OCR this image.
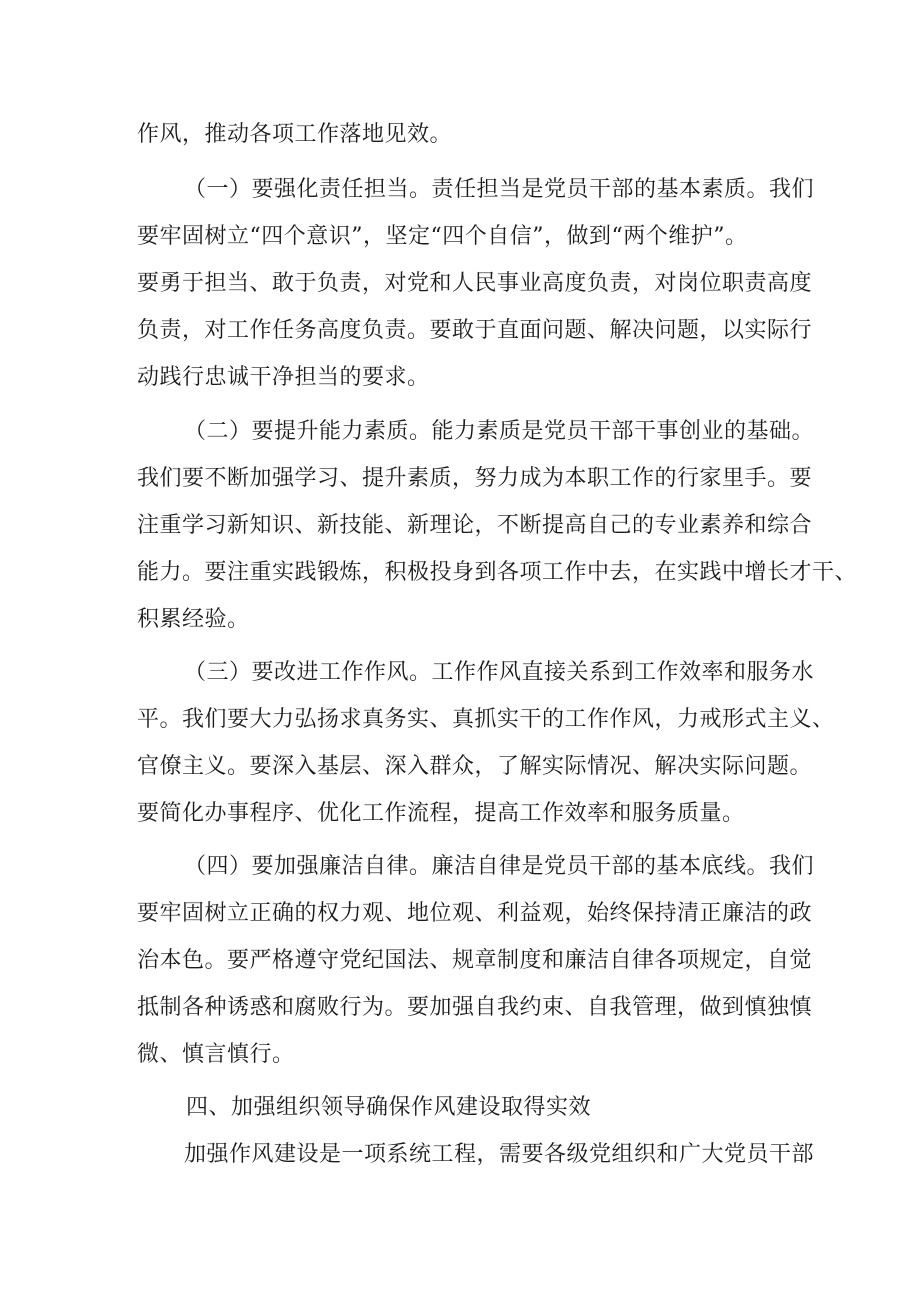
作风，推动各项工作落地见效。
（一）要强化责任担当。责任担当是党员干部的基本素质。我们
要牢固树立“四个意识”，坚定“四个自信”，做到“两个维护”。
要勇于担当、敢于负责，对党和人民事业高度负责，对岗位职责高度
负责，对工作任务高度负责。要敢于直面问题、解决问题，以实际行
动践行忠诚干净担当的要求。
（二）要提升能力素质。能力素质是党员干部干事创业的基础。
我们要不断加强学习、提升素质，努力成为本职工作的行家里手。要
注重学习新知识、新技能、新理论，不断提高自己的专业素养和综合
能力。要注重实践锻炼，积极投身到各项工作中去，在实践中增长才干、
积累经验。
（三）要改进工作作风。工作作风直接关系到工作效率和服务水
平。我们要大力弘扬求真务实、真抓实干的工作作风，力戒形式主义、
官僚主义。要深入基层、深入群众，了解实际情况、解决实际问题。
要简化办事程序、优化工作流程，提高工作效率和服务质量。
（四）要加强廉洁自律。廉洁自律是党员干部的基本底线。我们
要牢固树立正确的权力观、地位观、利益观，始终保持清正廉洁的政
治本色。要严格遵守党纪国法、规章制度和廉洁自律各项规定，自觉
抵制各种诱惑和腐败行为。要加强自我约束、自我管理，做到慎独慎
微、慎言慎行。
四、加强组织领导确保作风建设取得实效
加强作风建设是一项系统工程，需要各级党组织和广大党员干部
